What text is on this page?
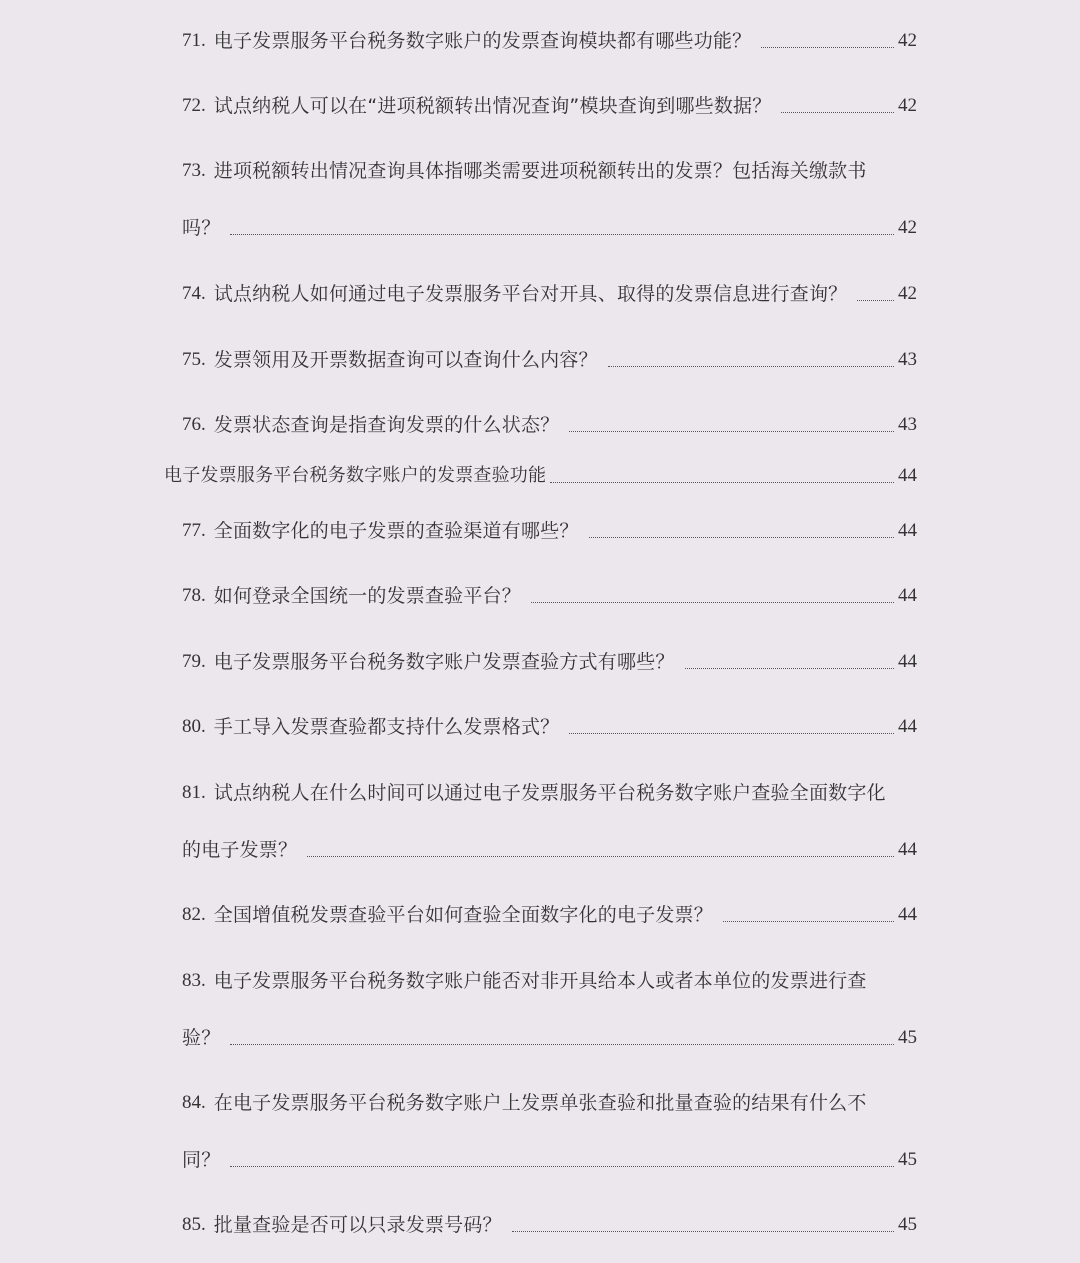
71. 电子发票服务平台税务数字账户的发票查询模块都有哪些功能？	42
72. 试点纳税人可以在“进项税额转出情况查询”模块查询到哪些数据？	42
73. 进项税额转出情况查询具体指哪类需要进项税额转出的发票？包括海关缴款书
吗？	42
74. 试点纳税人如何通过电子发票服务平台对开具、取得的发票信息进行查询？	42
75. 发票领用及开票数据查询可以查询什么内容？	43
76. 发票状态查询是指查询发票的什么状态？	43
电子发票服务平台税务数字账户的发票查验功能	44
77. 全面数字化的电子发票的查验渠道有哪些？	44
78. 如何登录全国统一的发票查验平台？	44
79. 电子发票服务平台税务数字账户发票查验方式有哪些？	44
80. 手工导入发票查验都支持什么发票格式？	44
81. 试点纳税人在什么时间可以通过电子发票服务平台税务数字账户查验全面数字化
的电子发票？	44
82. 全国增值税发票查验平台如何查验全面数字化的电子发票？	44
83. 电子发票服务平台税务数字账户能否对非开具给本人或者本单位的发票进行查
验？	45
84. 在电子发票服务平台税务数字账户上发票单张查验和批量查验的结果有什么不
同？	45
85. 批量查验是否可以只录发票号码？	45
